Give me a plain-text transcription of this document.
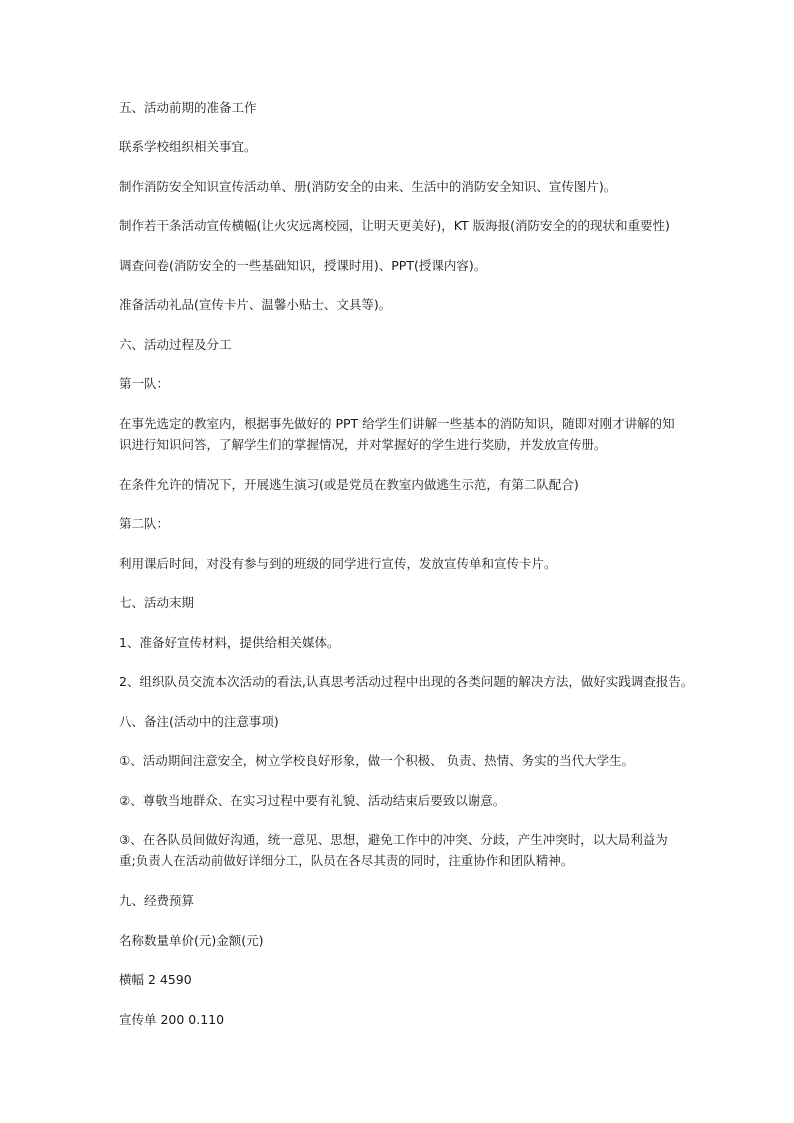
五、活动前期的准备工作

联系学校组织相关事宜。

制作消防安全知识宣传活动单、册(消防安全的由来、生活中的消防安全知识、宣传图片)。

制作若干条活动宣传横幅(让火灾远离校园，让明天更美好)，KT 版海报(消防安全的的现状和重要性)

调查问卷(消防安全的一些基础知识，授课时用)、PPT(授课内容)。

准备活动礼品(宣传卡片、温馨小贴士、文具等)。

六、活动过程及分工

第一队：

在事先选定的教室内，根据事先做好的 PPT 给学生们讲解一些基本的消防知识，随即对刚才讲解的知识进行知识问答，了解学生们的掌握情况，并对掌握好的学生进行奖励，并发放宣传册。

在条件允许的情况下，开展逃生演习(或是党员在教室内做逃生示范，有第二队配合)

第二队：

利用课后时间，对没有参与到的班级的同学进行宣传，发放宣传单和宣传卡片。

七、活动末期

1、准备好宣传材料，提供给相关媒体。

2、组织队员交流本次活动的看法,认真思考活动过程中出现的各类问题的解决方法，做好实践调查报告。

八、备注(活动中的注意事项)

①、活动期间注意安全，树立学校良好形象，做一个积极、 负责、热情、务实的当代大学生。

②、尊敬当地群众、在实习过程中要有礼貌、活动结束后要致以谢意。

③、在各队员间做好沟通，统一意见、思想，避免工作中的冲突、分歧，产生冲突时，以大局利益为重;负责人在活动前做好详细分工，队员在各尽其责的同时，注重协作和团队精神。

九、经费预算

名称数量单价(元)金额(元)

横幅 2 4590

宣传单 200 0.110
